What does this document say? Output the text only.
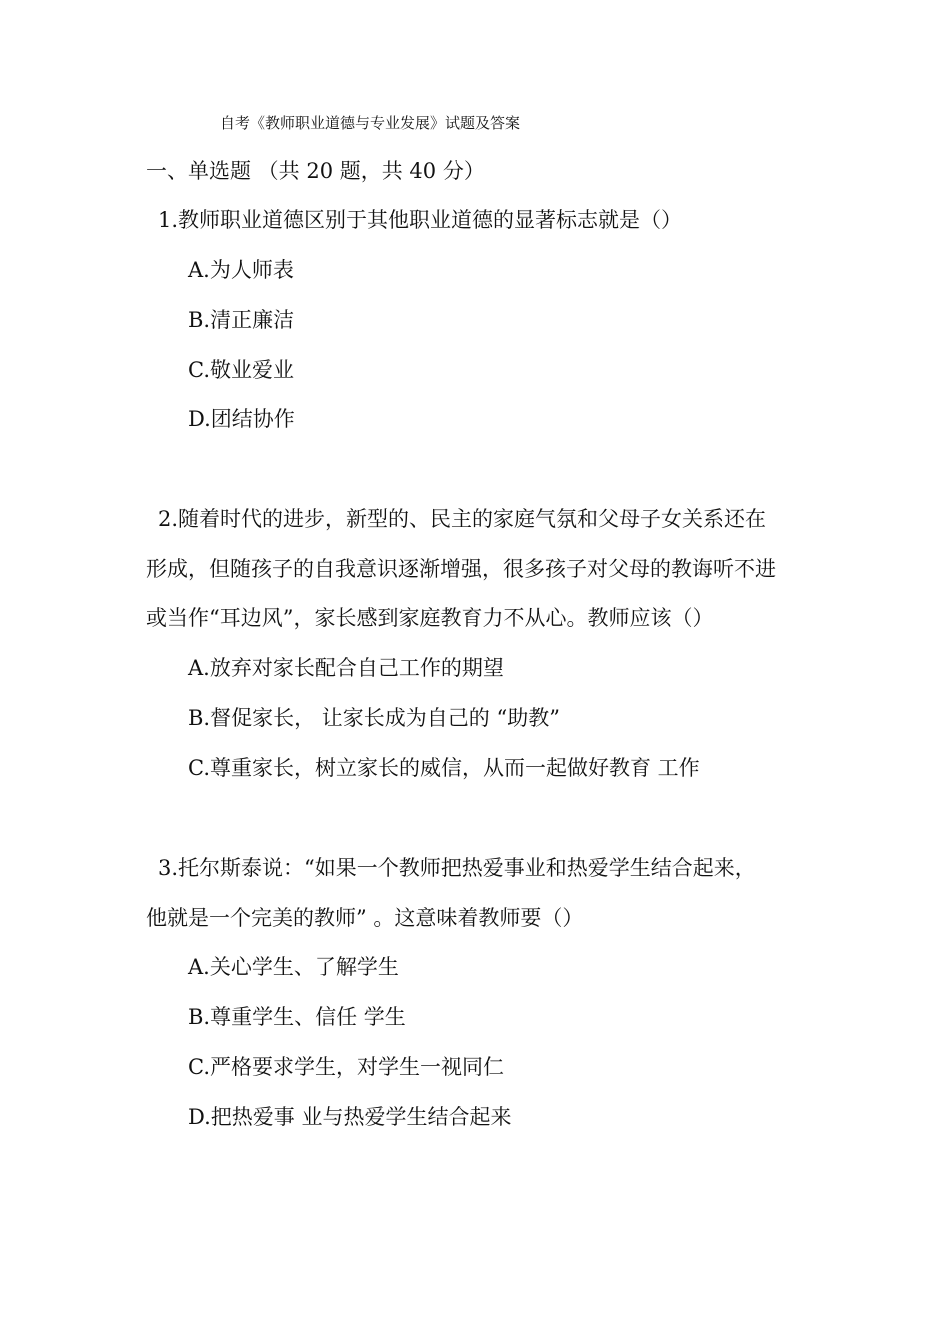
自考《教师职业道德与专业发展》试题及答案
一、单选题 （共 20 题，共 40 分）
1.教师职业道德区别于其他职业道德的显著标志就是（）
A.为人师表
B.清正廉洁
C.敬业爱业
D.团结协作
2.随着时代的进步，新型的、民主的家庭气氛和父母子女关系还在
形成，但随孩子的自我意识逐渐增强，很多孩子对父母的教诲听不进
或当作“耳边风”，家长感到家庭教育力不从心。教师应该（）
A.放弃对家长配合自己工作的期望
B.督促家长， 让家长成为自己的 “助教”
C.尊重家长，树立家长的威信，从而一起做好教育 工作
3.托尔斯泰说：“如果一个教师把热爱事业和热爱学生结合起来，
他就是一个完美的教师” 。这意味着教师要（）
A.关心学生、了解学生
B.尊重学生、信任 学生
C.严格要求学生，对学生一视同仁
D.把热爱事 业与热爱学生结合起来
